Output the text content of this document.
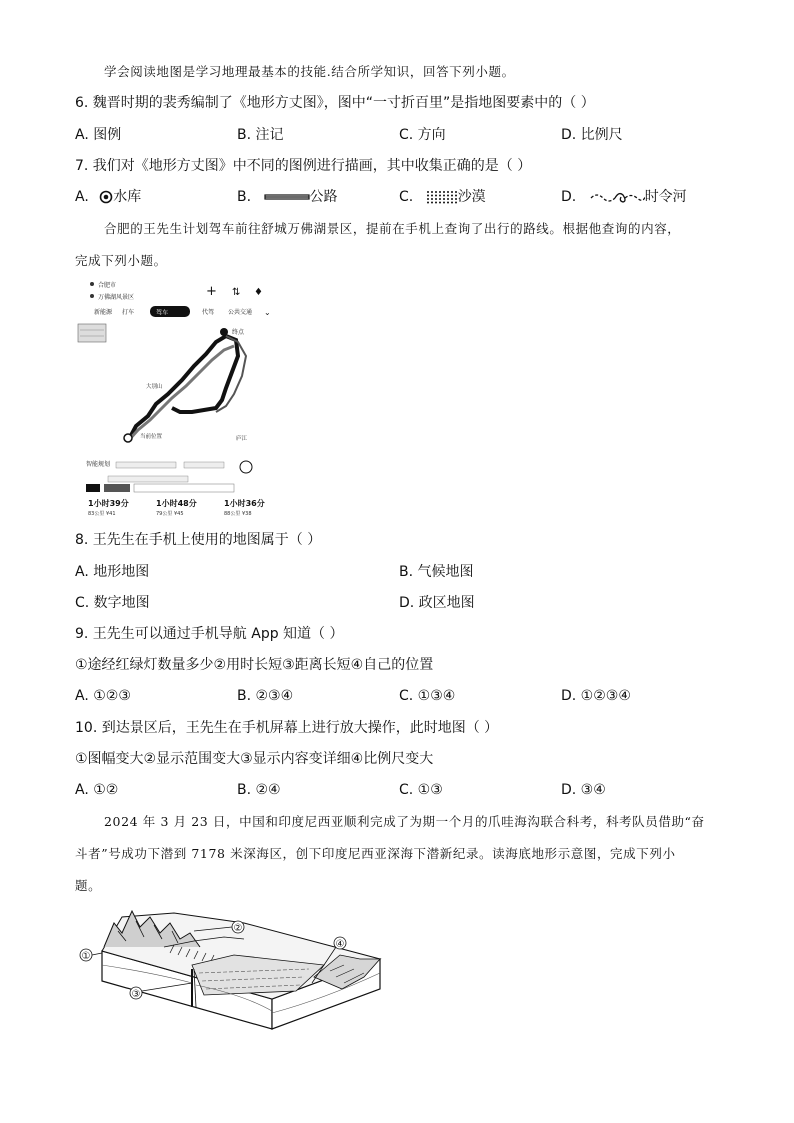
学会阅读地图是学习地理最基本的技能.结合所学知识，回答下列小题。
6. 魏晋时期的裴秀编制了《地形方丈图》，图中“一寸折百里”是指地图要素中的（ ）
A. 图例	B. 注记	C. 方向	D. 比例尺
7. 我们对《地形方丈图》中不同的图例进行描画，其中收集正确的是（ ）
A. 水库	B.	公路	C.	沙漠	D.	时令河
合肥的王先生计划驾车前往舒城万佛湖景区，提前在手机上查询了出行的路线。根据他查询的内容，
完成下列小题。
合肥市
万佛湖风景区	+ ⇅ ♦
新能源 打车	驾车	代驾 公共交通 ⌄
终点
大别山
庐江
当前位置
智能规划
1小时39分
83公里 ¥41
1小时48分
79公里 ¥45
1小时36分
88公里 ¥38
8. 王先生在手机上使用的地图属于（ ）
A. 地形地图	B. 气候地图
C. 数字地图	D. 政区地图
9. 王先生可以通过手机导航 App 知道（ ）
①途经红绿灯数量多少②用时长短③距离长短④自己的位置
A. ①②③	B. ②③④	C. ①③④	D. ①②③④
10. 到达景区后，王先生在手机屏幕上进行放大操作，此时地图（ ）
①图幅变大②显示范围变大③显示内容变详细④比例尺变大
A. ①②	B. ②④	C. ①③	D. ③④
2024 年 3 月 23 日，中国和印度尼西亚顺利完成了为期一个月的爪哇海沟联合科考，科考队员借助“奋
斗者”号成功下潜到 7178 米深海区，创下印度尼西亚深海下潜新纪录。读海底地形示意图，完成下列小
题。
①
②
③
④
